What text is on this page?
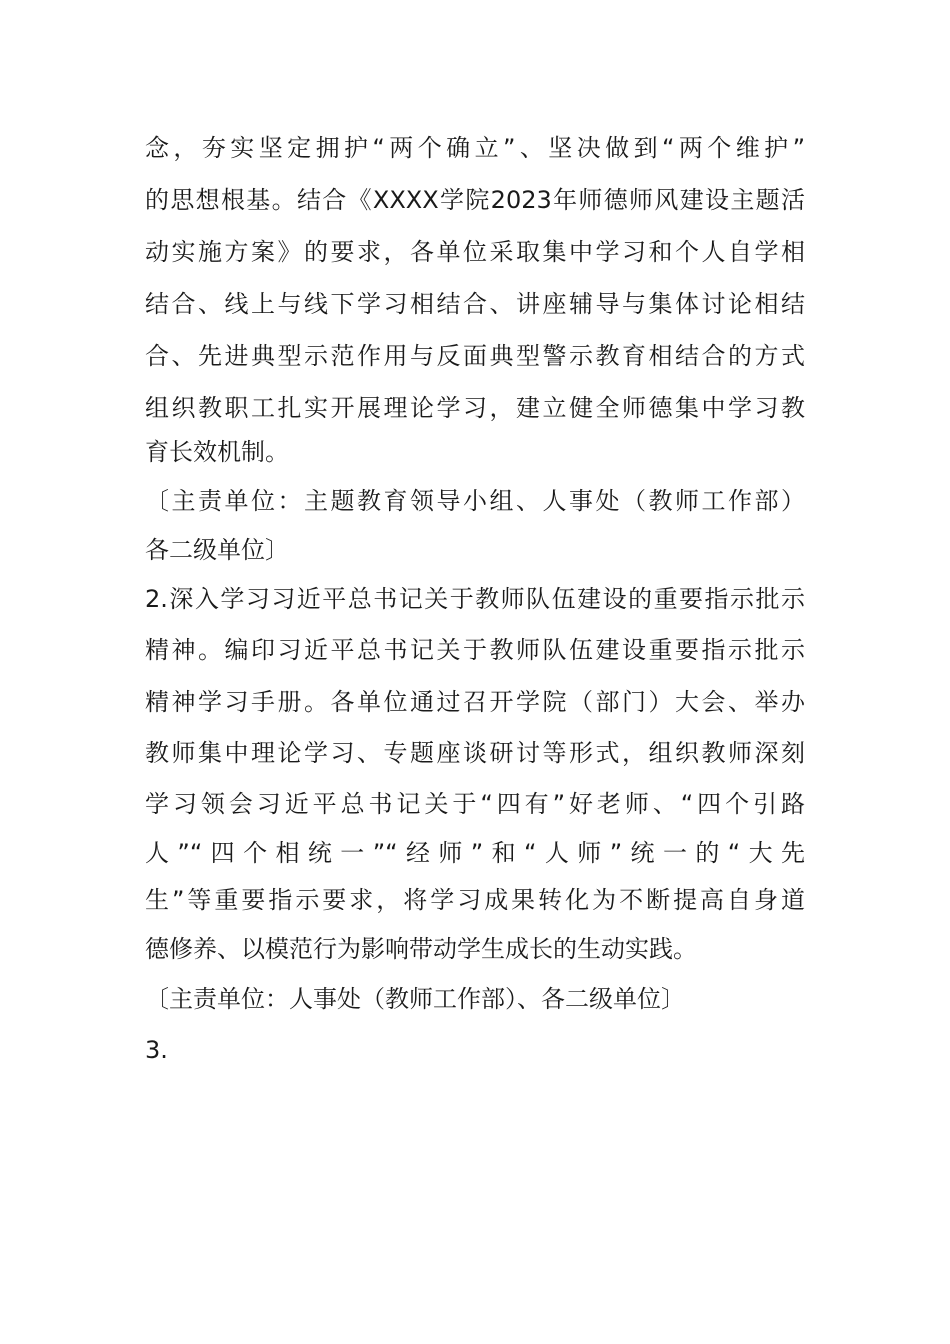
念，夯实坚定拥护“两个确立”、坚决做到“两个维护”
的思想根基。结合《XXXX学院2023年师德师风建设主题活
动实施方案》的要求，各单位采取集中学习和个人自学相
结合、线上与线下学习相结合、讲座辅导与集体讨论相结
合、先进典型示范作用与反面典型警示教育相结合的方式
组织教职工扎实开展理论学习，建立健全师德集中学习教
育长效机制。
〔主责单位：主题教育领导小组、人事处（教师工作部）
各二级单位〕
2.深入学习习近平总书记关于教师队伍建设的重要指示批示
精神。编印习近平总书记关于教师队伍建设重要指示批示
精神学习手册。各单位通过召开学院（部门）大会、举办
教师集中理论学习、专题座谈研讨等形式，组织教师深刻
学习领会习近平总书记关于“四有”好老师、“四个引路
人”“四个相统一”“经师”和“人师”统一的“大先
生”等重要指示要求，将学习成果转化为不断提高自身道
德修养、以模范行为影响带动学生成长的生动实践。
〔主责单位：人事处（教师工作部）、各二级单位〕
3.
